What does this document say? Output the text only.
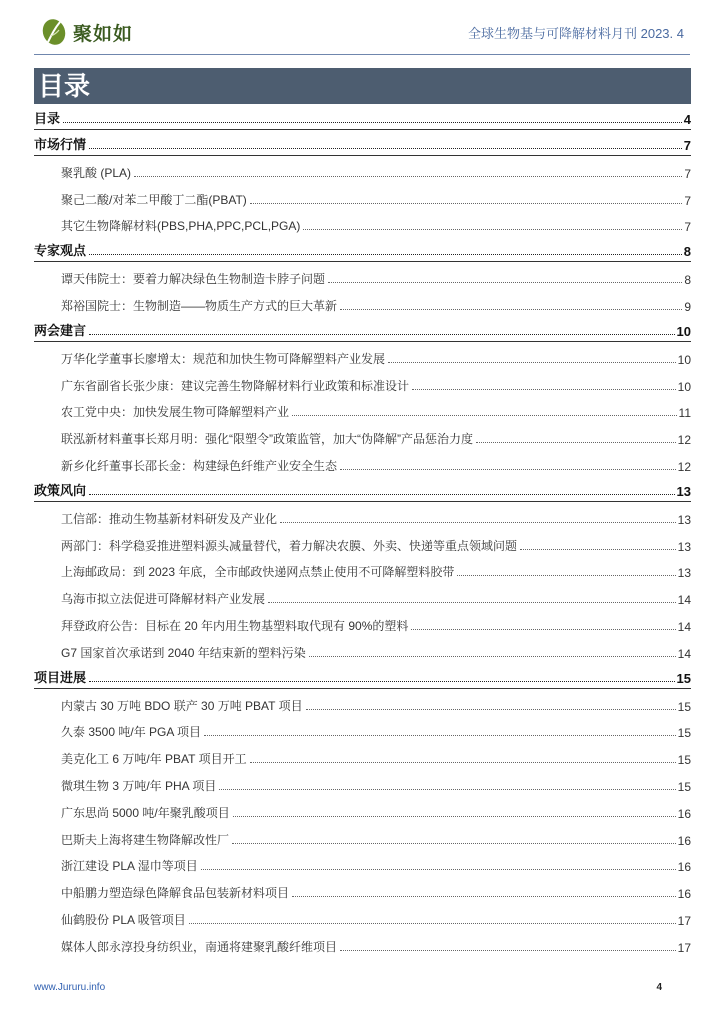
聚如如	全球生物基与可降解材料月刊 2023. 4
目录
目录	4
市场行情	7
聚乳酸 (PLA)	7
聚己二酸/对苯二甲酸丁二酯(PBAT)	7
其它生物降解材料(PBS,PHA,PPC,PCL,PGA)	7
专家观点	8
谭天伟院士：要着力解决绿色生物制造卡脖子问题	8
郑裕国院士：生物制造——物质生产方式的巨大革新	9
两会建言	10
万华化学董事长廖增太：规范和加快生物可降解塑料产业发展	10
广东省副省长张少康：建议完善生物降解材料行业政策和标准设计	10
农工党中央：加快发展生物可降解塑料产业	11
联泓新材料董事长郑月明：强化“限塑令”政策监管，加大“伪降解”产品惩治力度	12
新乡化纤董事长邵长金：构建绿色纤维产业安全生态	12
政策风向	13
工信部：推动生物基新材料研发及产业化	13
两部门：科学稳妥推进塑料源头减量替代，着力解决农膜、外卖、快递等重点领域问题	13
上海邮政局：到 2023 年底，全市邮政快递网点禁止使用不可降解塑料胶带	13
乌海市拟立法促进可降解材料产业发展	14
拜登政府公告：目标在 20 年内用生物基塑料取代现有 90%的塑料	14
G7 国家首次承诺到 2040 年结束新的塑料污染	14
项目进展	15
内蒙古 30 万吨 BDO 联产 30 万吨 PBAT 项目	15
久泰 3500 吨/年 PGA 项目	15
美克化工 6 万吨/年 PBAT 项目开工	15
微琪生物 3 万吨/年 PHA 项目	15
广东思尚 5000 吨/年聚乳酸项目	16
巴斯夫上海将建生物降解改性厂	16
浙江建设 PLA 湿巾等项目	16
中船鹏力塑造绿色降解食品包装新材料项目	16
仙鹤股份 PLA 吸管项目	17
媒体人郎永淳投身纺织业，南通将建聚乳酸纤维项目	17
www.Jururu.info	4
